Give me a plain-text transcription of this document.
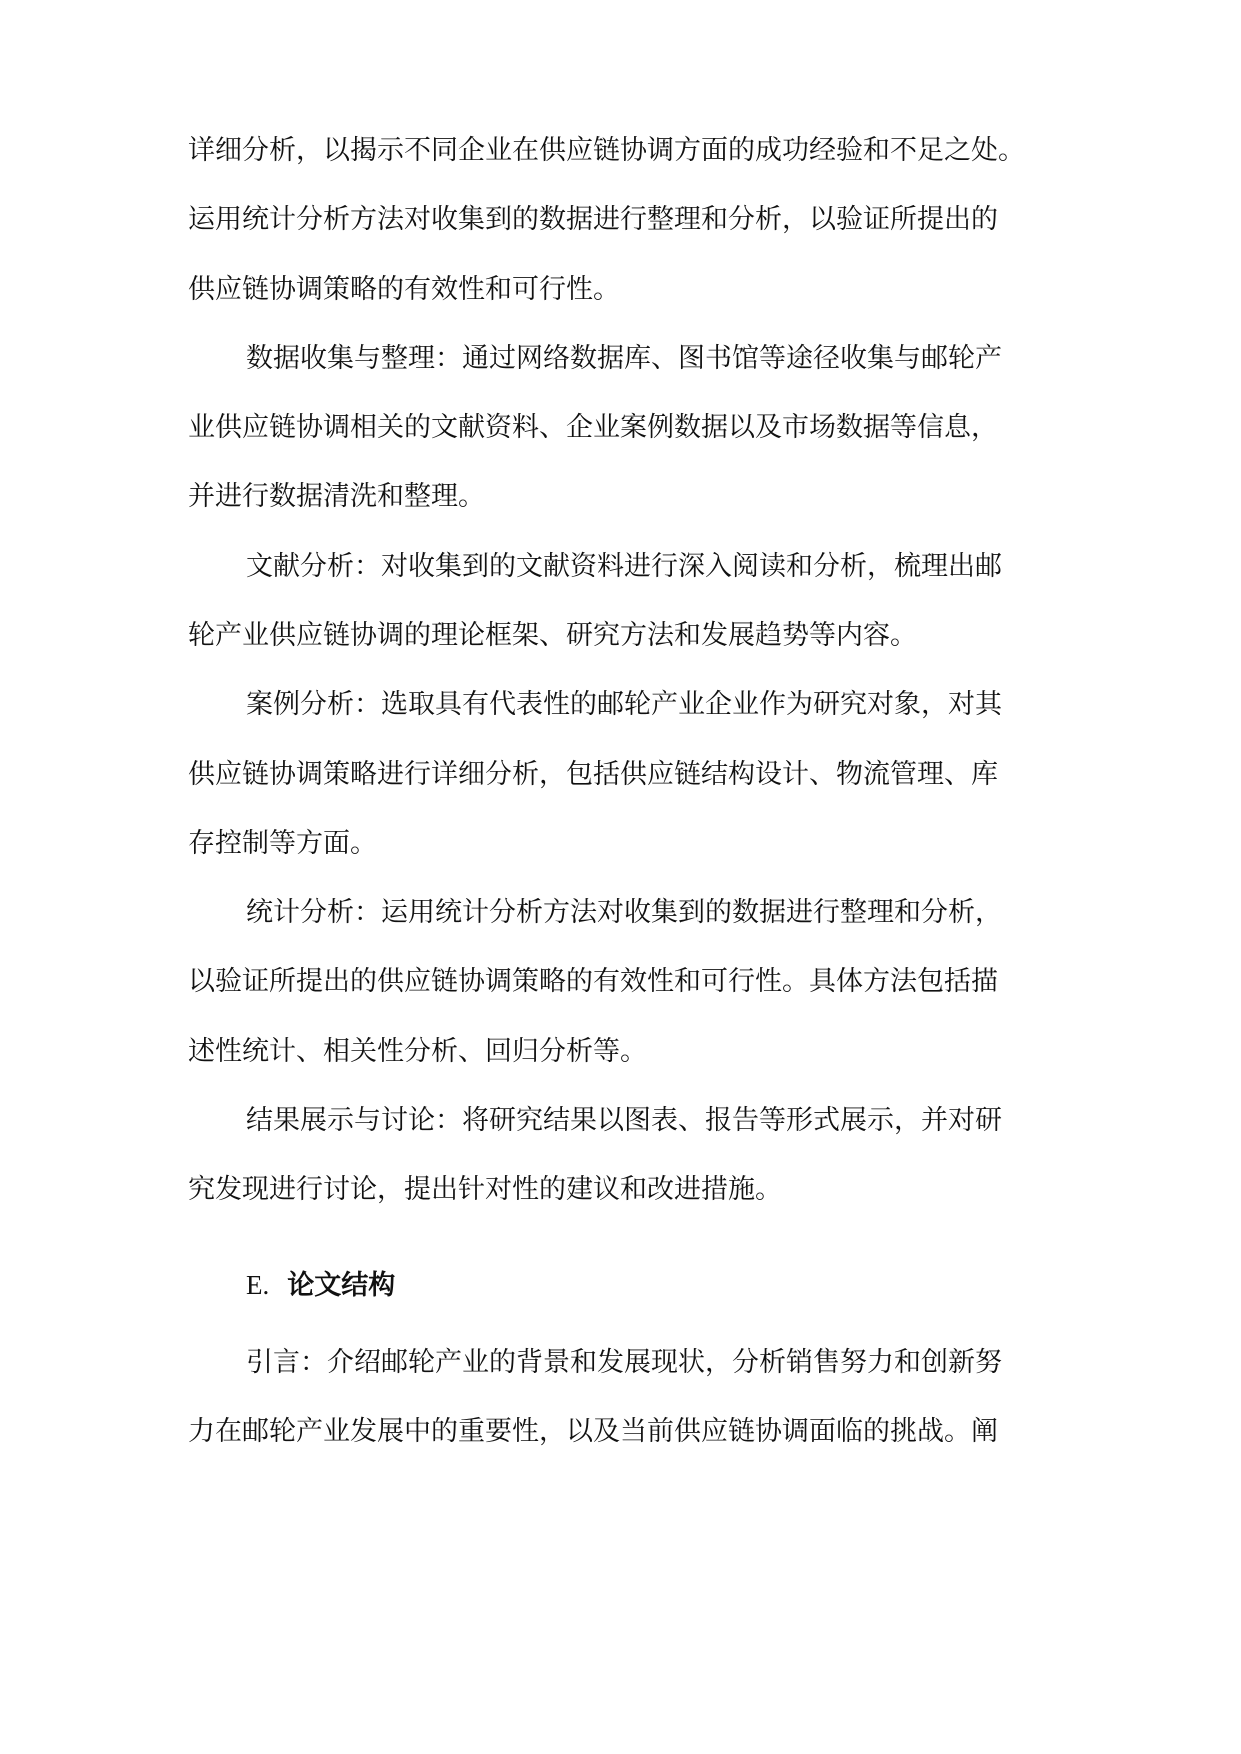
详细分析，以揭示不同企业在供应链协调方面的成功经验和不足之处。
运用统计分析方法对收集到的数据进行整理和分析，以验证所提出的
供应链协调策略的有效性和可行性。
数据收集与整理：通过网络数据库、图书馆等途径收集与邮轮产
业供应链协调相关的文献资料、企业案例数据以及市场数据等信息，
并进行数据清洗和整理。
文献分析：对收集到的文献资料进行深入阅读和分析，梳理出邮
轮产业供应链协调的理论框架、研究方法和发展趋势等内容。
案例分析：选取具有代表性的邮轮产业企业作为研究对象，对其
供应链协调策略进行详细分析，包括供应链结构设计、物流管理、库
存控制等方面。
统计分析：运用统计分析方法对收集到的数据进行整理和分析，
以验证所提出的供应链协调策略的有效性和可行性。具体方法包括描
述性统计、相关性分析、回归分析等。
结果展示与讨论：将研究结果以图表、报告等形式展示，并对研
究发现进行讨论，提出针对性的建议和改进措施。
E. 论文结构
引言：介绍邮轮产业的背景和发展现状，分析销售努力和创新努
力在邮轮产业发展中的重要性，以及当前供应链协调面临的挑战。阐
